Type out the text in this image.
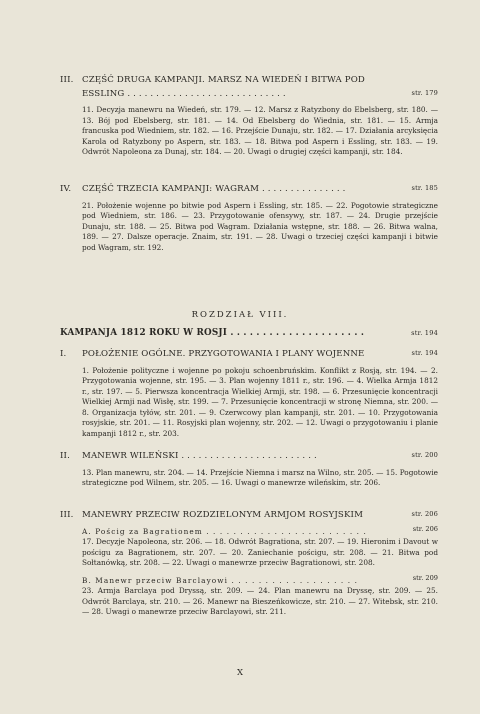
III. CZĘŚĆ DRUGA KAMPANJI. MARSZ NA WIEDEŃ I BITWA POD ESSLING . . . . . . . . . . . . . . . . . . . . . . . . . . . .	str. 179

11. Decyzja manewru na Wiedeń, str. 179. — 12. Marsz z Ratyzbony do Ebelsberg, str. 180. — 13. Bój pod Ebelsberg, str. 181. — 14. Od Ebelsberg do Wiednia, str. 181. — 15. Armja francuska pod Wiedniem, str. 182. — 16. Przejście Dunaju, str. 182. — 17. Działania arcyksięcia Karola od Ratyzbony po Aspern, str. 183. — 18. Bitwa pod Aspern i Essling, str. 183. — 19. Odwrót Napoleona za Dunaj, str. 184. — 20. Uwagi o drugiej części kampanji, str. 184.

IV. CZĘŚĆ TRZECIA KAMPANJI: WAGRAM . . . . . . . . . . . . . . .	str. 185

21. Położenie wojenne po bitwie pod Aspern i Essling, str. 185. — 22. Pogotowie strategiczne pod Wiedniem, str. 186. — 23. Przygotowanie ofensywy, str. 187. — 24. Drugie przejście Dunaju, str. 188. — 25. Bitwa pod Wagram. Działania wstępne, str. 188. — 26. Bitwa walna, 189. — 27. Dalsze operacje. Znaim, str. 191. — 28. Uwagi o trzeciej części kampanji i bitwie pod Wagram, str. 192.

ROZDZIAŁ VIII.
KAMPANJA 1812 ROKU W ROSJI . . . . . . . . . . . . . . . . . . . . .	str. 194
I. POŁOŻENIE OGÓLNE. PRZYGOTOWANIA I PLANY WOJENNE	str. 194

1. Położenie polityczne i wojenne po pokoju schoenbruńskim. Konflikt z Rosją, str. 194. — 2. Przygotowania wojenne, str. 195. — 3. Plan wojenny 1811 r., str. 196. — 4. Wielka Armja 1812 r., str. 197. — 5. Pierwsza koncentracja Wielkiej Armji, str. 198. — 6. Przesunięcie koncentracji Wielkiej Armji nad Wisłę, str. 199. — 7. Przesunięcie koncentracji w stronę Niemna, str. 200. — 8. Organizacja tyłów, str. 201. — 9. Czerwcowy plan kampanji, str. 201. — 10. Przygotowania rosyjskie, str. 201. — 11. Rosyjski plan wojenny, str. 202. — 12. Uwagi o przygotowaniu i planie kampanji 1812 r., str. 203.

II. MANEWR WILEŃSKI . . . . . . . . . . . . . . . . . . . . . . . .	str. 200

13. Plan manewru, str. 204. — 14. Przejście Niemna i marsz na Wilno, str. 205. — 15. Pogotowie strategiczne pod Wilnem, str. 205. — 16. Uwagi o manewrze wileńskim, str. 206.

III. MANEWRY PRZECIW ROZDZIELONYM ARMJOM ROSYJSKIM	str. 206
A. Pościg za Bagrationem . . . . . . . . . . . . . . . . . . . . . . . .	str. 206

17. Decyzje Napoleona, str. 206. — 18. Odwrót Bagrationa, str. 207. — 19. Hieronim i Davout w pościgu za Bagrationem, str. 207. — 20. Zaniechanie pościgu, str. 208. — 21. Bitwa pod Sołtanówką, str. 208. — 22. Uwagi o manewrze przeciw Bagrationowi, str. 208.

B. Manewr przeciw Barclayowi . . . . . . . . . . . . . . . . . . .	str. 209

23. Armja Barclaya pod Dryssą, str. 209. — 24. Plan manewru na Dryssę, str. 209. — 25. Odwrót Barclaya, str. 210. — 26. Manewr na Bieszeńkowicze, str. 210. — 27. Witebsk, str. 210. — 28. Uwagi o manewrze przeciw Barclayowi, str. 211.

X
